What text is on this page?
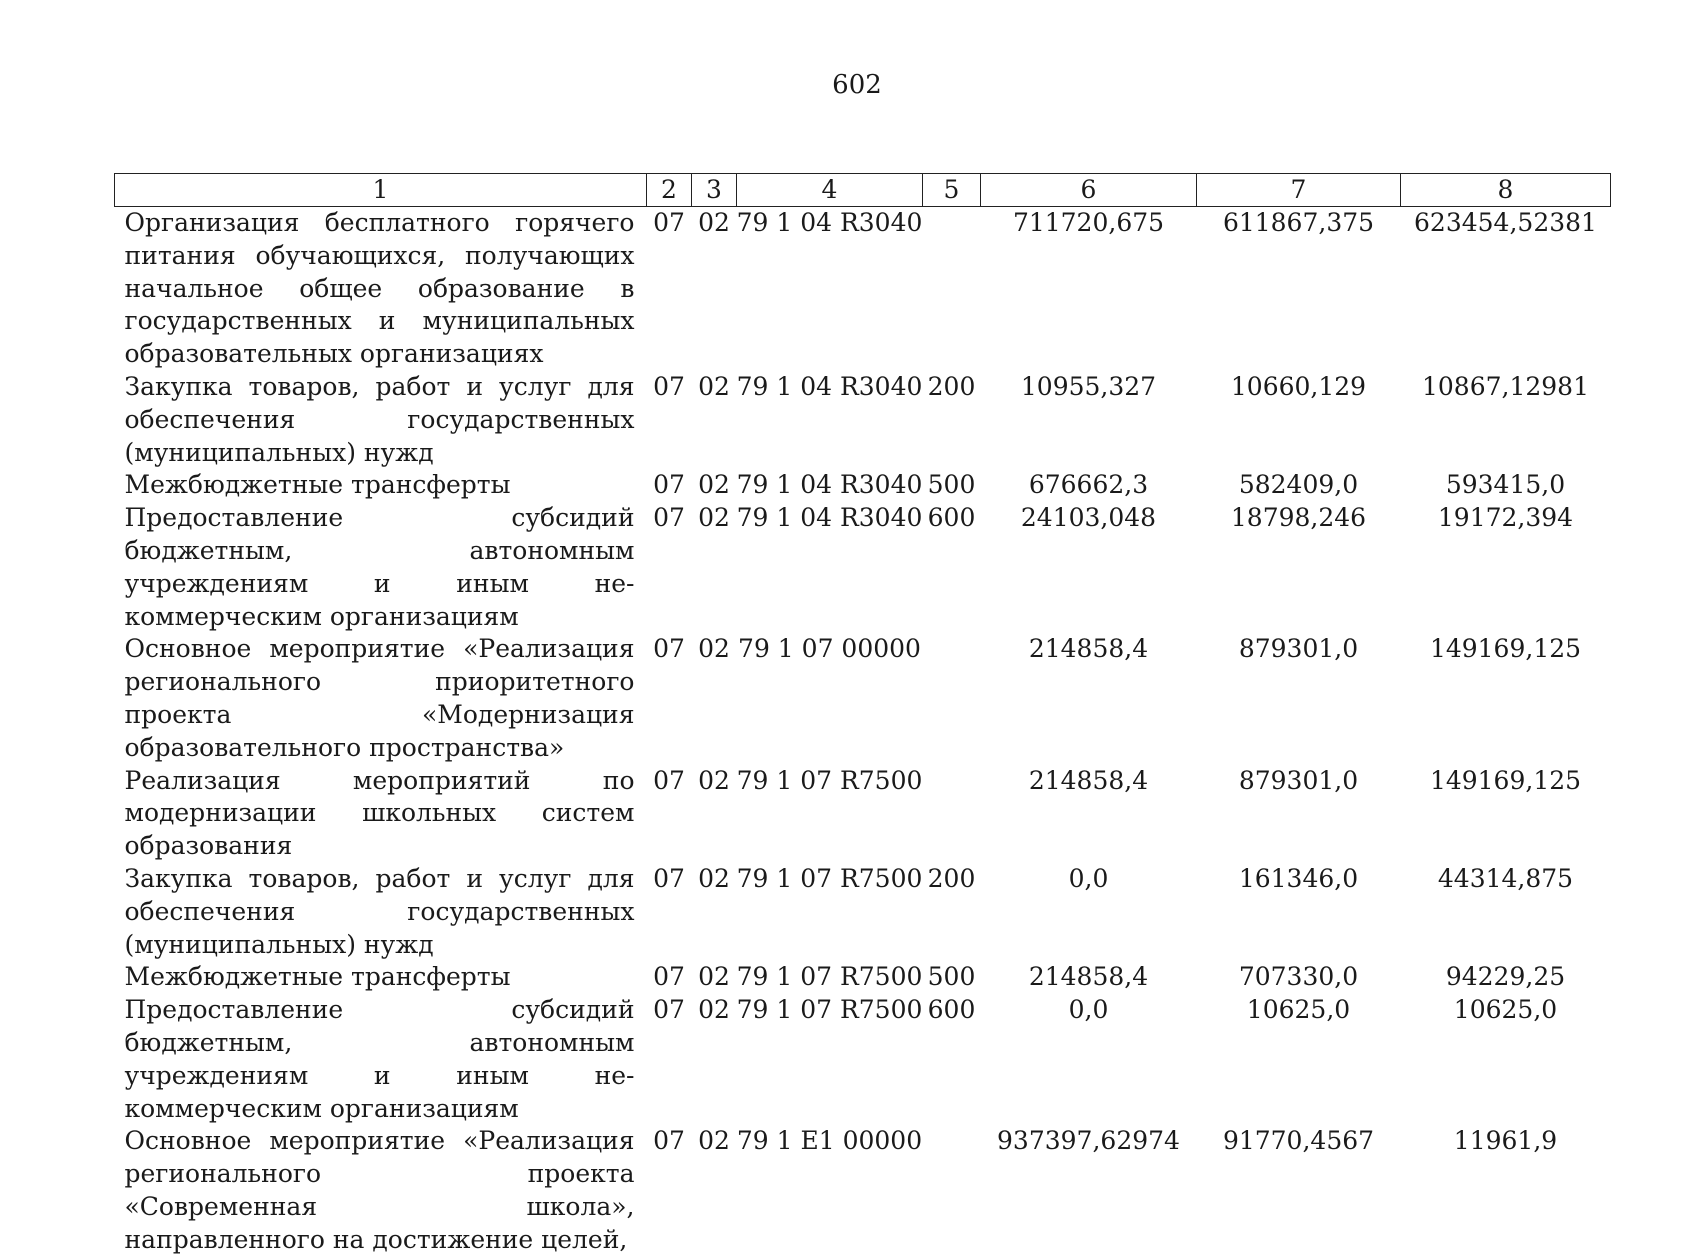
602
1	2	3	4	5	6	7	8
Организация бесплатного горячего питания обучающихся, получающих начальное общее образование в государственных и муниципальных образовательных организациях	07	02	79 1 04 R3040		711720,675	611867,375	623454,52381
Закупка товаров, работ и услуг для обеспечения государственных (муниципальных) нужд	07	02	79 1 04 R3040	200	10955,327	10660,129	10867,12981
Межбюджетные трансферты	07	02	79 1 04 R3040	500	676662,3	582409,0	593415,0
Предоставление субсидий бюджетным, автономным учреждениям и иным некоммерческим организациям	07	02	79 1 04 R3040	600	24103,048	18798,246	19172,394
Основное мероприятие «Реализация регионального приоритетного проекта «Модернизация образовательного пространства»	07	02	79 1 07 00000		214858,4	879301,0	149169,125
Реализация мероприятий по модернизации школьных систем образования	07	02	79 1 07 R7500		214858,4	879301,0	149169,125
Закупка товаров, работ и услуг для обеспечения государственных (муниципальных) нужд	07	02	79 1 07 R7500	200	0,0	161346,0	44314,875
Межбюджетные трансферты	07	02	79 1 07 R7500	500	214858,4	707330,0	94229,25
Предоставление субсидий бюджетным, автономным учреждениям и иным некоммерческим организациям	07	02	79 1 07 R7500	600	0,0	10625,0	10625,0
Основное мероприятие «Реализация регионального проекта «Современная школа», направленного на достижение целей,	07	02	79 1 E1 00000		937397,62974	91770,4567	11961,9
